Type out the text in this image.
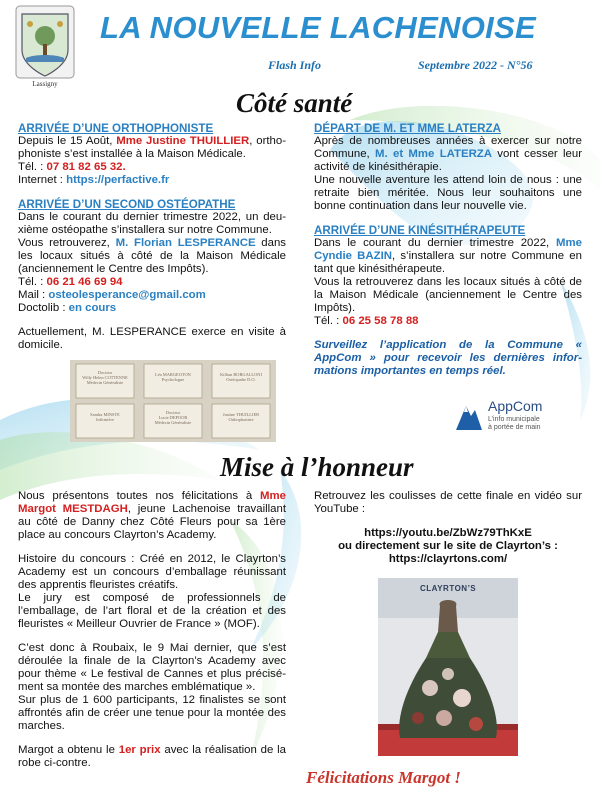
Lassigny
LA NOUVELLE LACHENOISE
Flash Info	Septembre 2022 - N°56
Côté santé

ARRIVÉE D’UNE ORTHOPHONISTE

Depuis le 15 Août, Mme Justine THUILLIER, ortho-phoniste s’est installée à la Maison Médicale.

Tél. : 07 81 82 65 32.

Internet : https://perfactive.fr

ARRIVÉE D’UN SECOND OSTÉOPATHE

Dans le courant du dernier trimestre 2022, un deu-xième ostéopathe s’installera sur notre Commune.

Vous retrouverez, M. Florian LESPERANCE dans les locaux situés à côté de la Maison Médicale (anciennement le Centre des Impôts).

Tél. : 06 21 46 69 94

Mail : osteolesperance@gmail.com

Doctolib : en cours

Actuellement, M. LESPERANCE exerce en visite à domicile.

Docteur
Willy Helen COTTENNE
Médecin Généraliste
Léa MARGEOTON
Psychologue
Killian BORGALLONI
Ostéopathe D.O.
Sandra MINSTE
Infirmière
Docteur
Lucie DEPOOR
Médecin Généraliste
Justine THUILLIER
Orthophoniste

DÉPART DE M. ET MME LATERZA

Après de nombreuses années à exercer sur notre Commune, M. et Mme LATERZA vont cesser leur activité de kinésithérapie.

Une nouvelle aventure les attend loin de nous : une retraite bien méritée. Nous leur souhaitons une bonne continuation dans leur nouvelle vie.

ARRIVÉE D’UNE KINÉSITHÉRAPEUTE

Dans le courant du dernier trimestre 2022, Mme Cyndie BAZIN, s’installera sur notre Commune en tant que kinésithérapeute.

Vous la retrouverez dans les locaux situés à côté de la Maison Médicale (anciennement le Centre des Impôts).

Tél. : 06 25 58 78 88

Surveillez l’application de la Commune « AppCom » pour recevoir les dernières infor-mations importantes en temps réel.

AppCom
L’info municipale
à portée de main
Mise à l’honneur

Nous présentons toutes nos félicitations à Mme Margot MESTDAGH, jeune Lachenoise travaillant au côté de Danny chez Côté Fleurs pour sa 1ère place au concours Clayrton’s Academy.

Histoire du concours : Créé en 2012, le Clayrton’s Academy est un concours d’emballage réunissant des apprentis fleuristes créatifs.

Le jury est composé de professionnels de l’emballage, de l’art floral et de la création et des fleuristes « Meilleur Ouvrier de France » (MOF).

C’est donc à Roubaix, le 9 Mai dernier, que s’est déroulée la finale de la Clayrton’s Academy avec pour thème « Le festival de Cannes et plus précisé-ment sa montée des marches emblématique ».

Sur plus de 1 600 participants, 12 finalistes se sont affrontés afin de créer une tenue pour la montée des marches.

Margot a obtenu le 1er prix avec la réalisation de la robe ci-contre.

Retrouvez les coulisses de cette finale en vidéo sur YouTube :

https://youtu.be/ZbWz79ThKxE

ou directement sur le site de Clayrton’s :

https://clayrtons.com/

CLAYRTON’S
Félicitations Margot !
